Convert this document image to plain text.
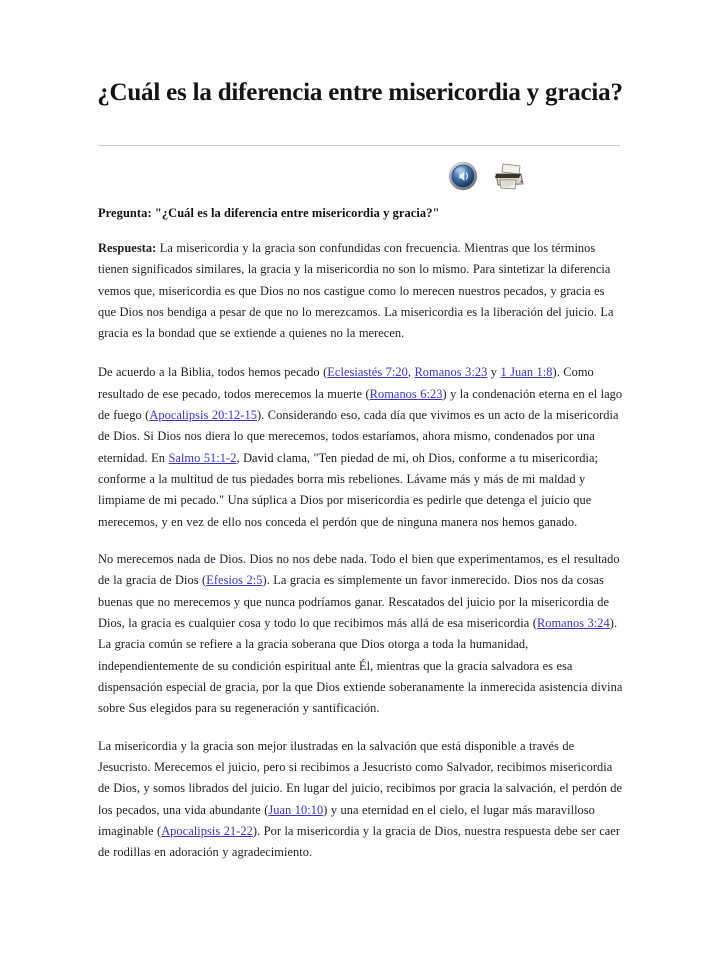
¿Cuál es la diferencia entre misericordia y gracia?

Pregunta: "¿Cuál es la diferencia entre misericordia y gracia?"

Respuesta: La misericordia y la gracia son confundidas con frecuencia. Mientras que los términos tienen significados similares, la gracia y la misericordia no son lo mismo. Para sintetizar la diferencia vemos que, misericordia es que Dios no nos castigue como lo merecen nuestros pecados, y gracia es que Dios nos bendiga a pesar de que no lo merezcamos. La misericordia es la liberación del juicio. La gracia es la bondad que se extiende a quienes no la merecen.

De acuerdo a la Biblia, todos hemos pecado (Eclesiastés 7:20, Romanos 3:23 y 1 Juan 1:8). Como resultado de ese pecado, todos merecemos la muerte (Romanos 6:23) y la condenación eterna en el lago de fuego (Apocalipsis 20:12-15). Considerando eso, cada día que vivimos es un acto de la misericordia de Dios. Si Dios nos diera lo que merecemos, todos estaríamos, ahora mismo, condenados por una eternidad. En Salmo 51:1-2, David clama, "Ten piedad de mi, oh Dios, conforme a tu misericordia; conforme a la multitud de tus piedades borra mis rebeliones. Lávame más y más de mi maldad y limpiame de mi pecado." Una súplica a Dios por misericordia es pedirle que detenga el juicio que merecemos, y en vez de ello nos conceda el perdón que de ninguna manera nos hemos ganado.

No merecemos nada de Dios. Dios no nos debe nada. Todo el bien que experimentamos, es el resultado de la gracia de Dios (Efesios 2:5). La gracia es simplemente un favor inmerecido. Dios nos da cosas buenas que no merecemos y que nunca podríamos ganar. Rescatados del juicio por la misericordia de Dios, la gracia es cualquier cosa y todo lo que recibimos más allá de esa misericordia (Romanos 3:24). La gracia común se refiere a la gracia soberana que Dios otorga a toda la humanidad, independientemente de su condición espiritual ante Él, mientras que la gracia salvadora es esa dispensación especial de gracia, por la que Dios extiende soberanamente la inmerecida asistencia divina sobre Sus elegidos para su regeneración y santificación.

La misericordia y la gracia son mejor ilustradas en la salvación que está disponible a través de Jesucristo. Merecemos el juicio, pero si recibimos a Jesucristo como Salvador, recibimos misericordia de Dios, y somos librados del juicio. En lugar del juicio, recibimos por gracia la salvación, el perdón de los pecados, una vida abundante (Juan 10:10) y una eternidad en el cielo, el lugar más maravilloso imaginable (Apocalipsis 21-22). Por la misericordia y la gracia de Dios, nuestra respuesta debe ser caer de rodillas en adoración y agradecimiento.
